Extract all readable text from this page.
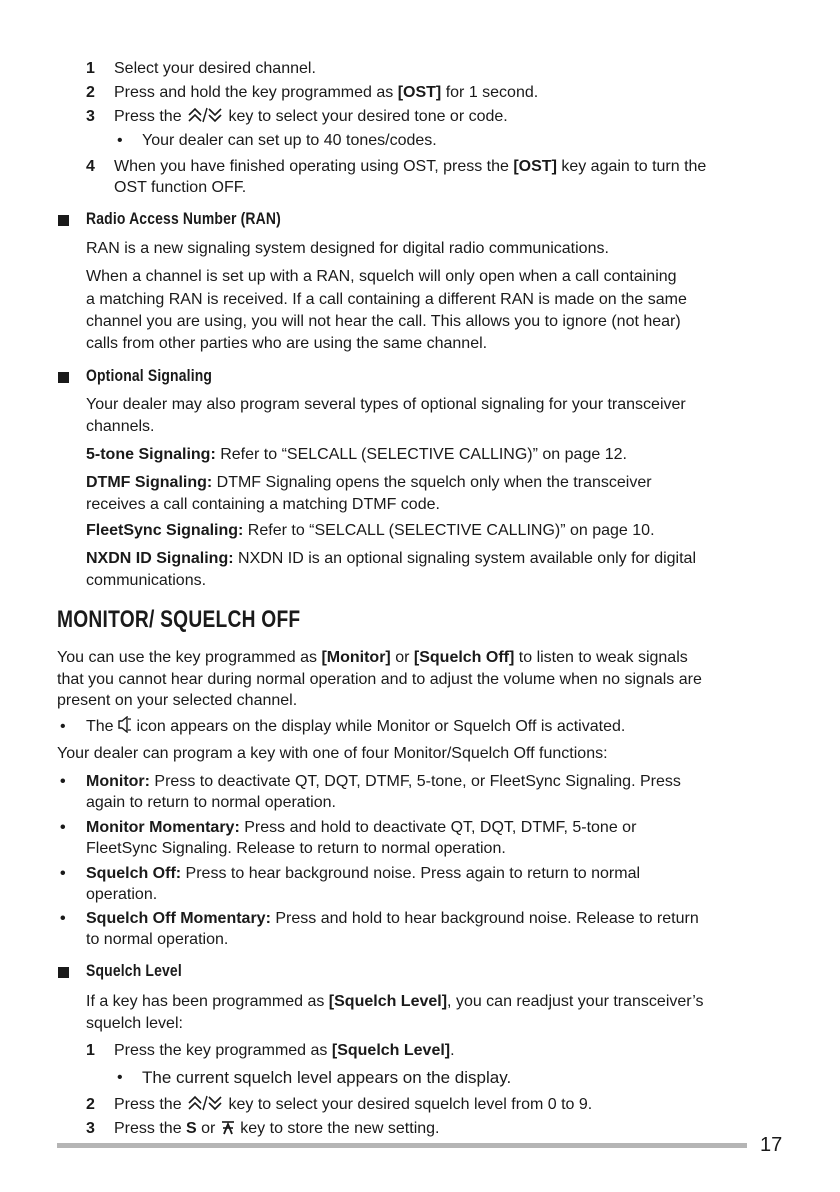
1 Select your desired channel.
2 Press and hold the key programmed as [OST] for 1 second.
3 Press the  key to select your desired tone or code.
• Your dealer can set up to 40 tones/codes.
4 When you have finished operating using OST, press the [OST] key again to turn the
OST function OFF.
Radio Access Number (RAN)
RAN is a new signaling system designed for digital radio communications.
When a channel is set up with a RAN, squelch will only open when a call containing
a matching RAN is received. If a call containing a different RAN is made on the same
channel you are using, you will not hear the call. This allows you to ignore (not hear)
calls from other parties who are using the same channel.
Optional Signaling
Your dealer may also program several types of optional signaling for your transceiver
channels.
5-tone Signaling: Refer to “SELCALL (SELECTIVE CALLING)” on page 12.
DTMF Signaling: DTMF Signaling opens the squelch only when the transceiver
receives a call containing a matching DTMF code.
FleetSync Signaling: Refer to “SELCALL (SELECTIVE CALLING)” on page 10.
NXDN ID Signaling: NXDN ID is an optional signaling system available only for digital
communications.
MONITOR/ SQUELCH OFF
You can use the key programmed as [Monitor] or [Squelch Off] to listen to weak signals
that you cannot hear during normal operation and to adjust the volume when no signals are
present on your selected channel.
• The  icon appears on the display while Monitor or Squelch Off is activated.
Your dealer can program a key with one of four Monitor/Squelch Off functions:
• Monitor: Press to deactivate QT, DQT, DTMF, 5-tone, or FleetSync Signaling. Press
again to return to normal operation.
• Monitor Momentary: Press and hold to deactivate QT, DQT, DTMF, 5-tone or
FleetSync Signaling. Release to return to normal operation.
• Squelch Off: Press to hear background noise. Press again to return to normal
operation.
• Squelch Off Momentary: Press and hold to hear background noise. Release to return
to normal operation.
Squelch Level
If a key has been programmed as [Squelch Level], you can readjust your transceiver’s
squelch level:
1 Press the key programmed as [Squelch Level].
• The current squelch level appears on the display.
2 Press the  key to select your desired squelch level from 0 to 9.
3 Press the S or  key to store the new setting.
17
